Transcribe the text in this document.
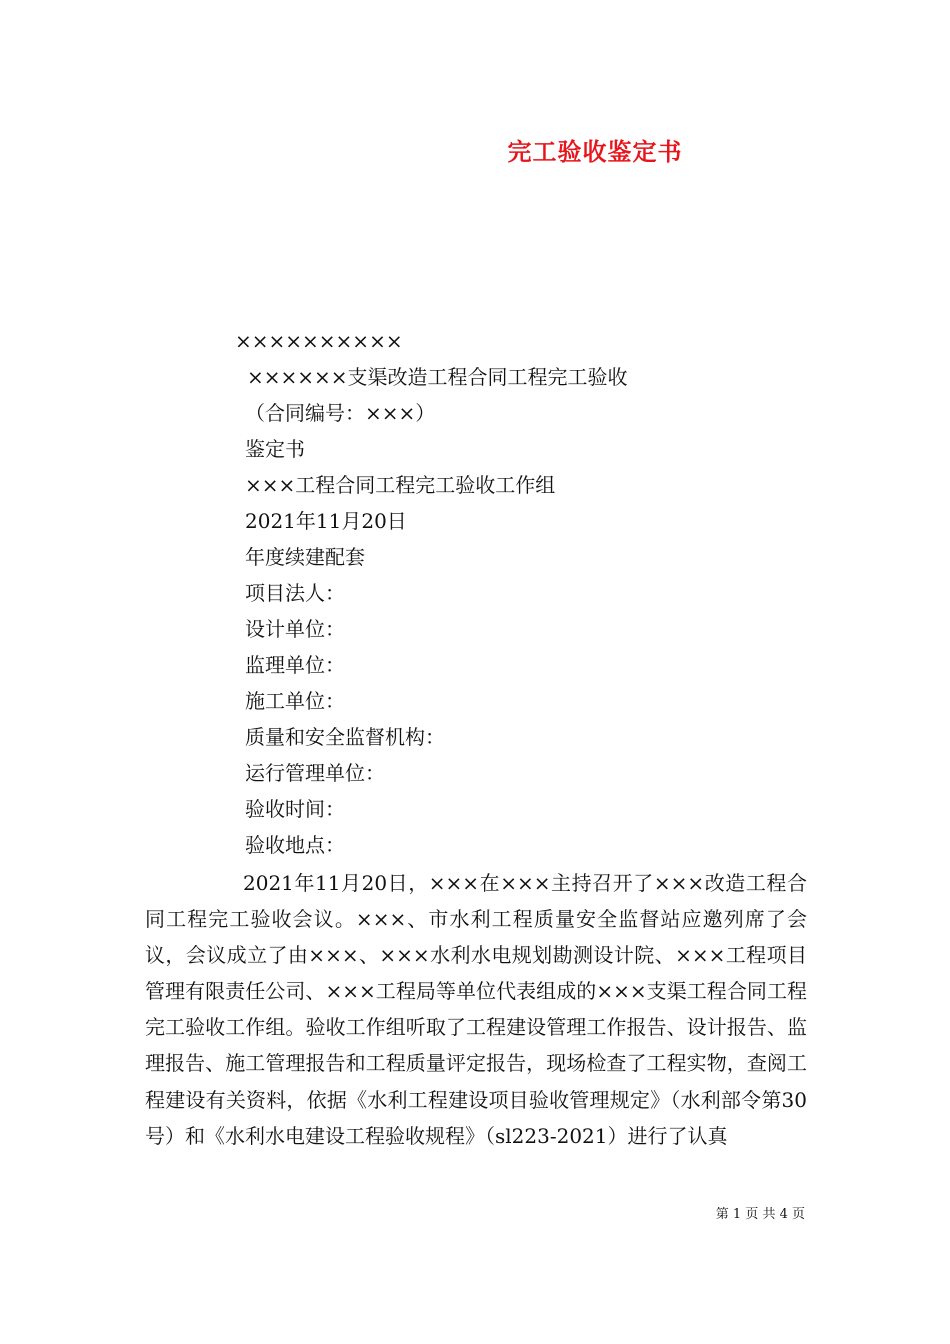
完工验收鉴定书
××××××××××
××××××支渠改造工程合同工程完工验收
（合同编号：×××）
鉴定书
×××工程合同工程完工验收工作组
2021年11月20日
年度续建配套
项目法人：
设计单位：
监理单位：
施工单位：
质量和安全监督机构：
运行管理单位：
验收时间：
验收地点：
2021年11月20日，×××在×××主持召开了×××改造工程合同工程完工验收会议。×××、市水利工程质量安全监督站应邀列席了会议，会议成立了由×××、×××水利水电规划勘测设计院、×××工程项目管理有限责任公司、×××工程局等单位代表组成的×××支渠工程合同工程完工验收工作组。验收工作组听取了工程建设管理工作报告、设计报告、监理报告、施工管理报告和工程质量评定报告，现场检查了工程实物，查阅工程建设有关资料，依据《水利工程建设项目验收管理规定》（水利部令第30号）和《水利水电建设工程验收规程》（sl223-2021）进行了认真
第 1 页 共 4 页
